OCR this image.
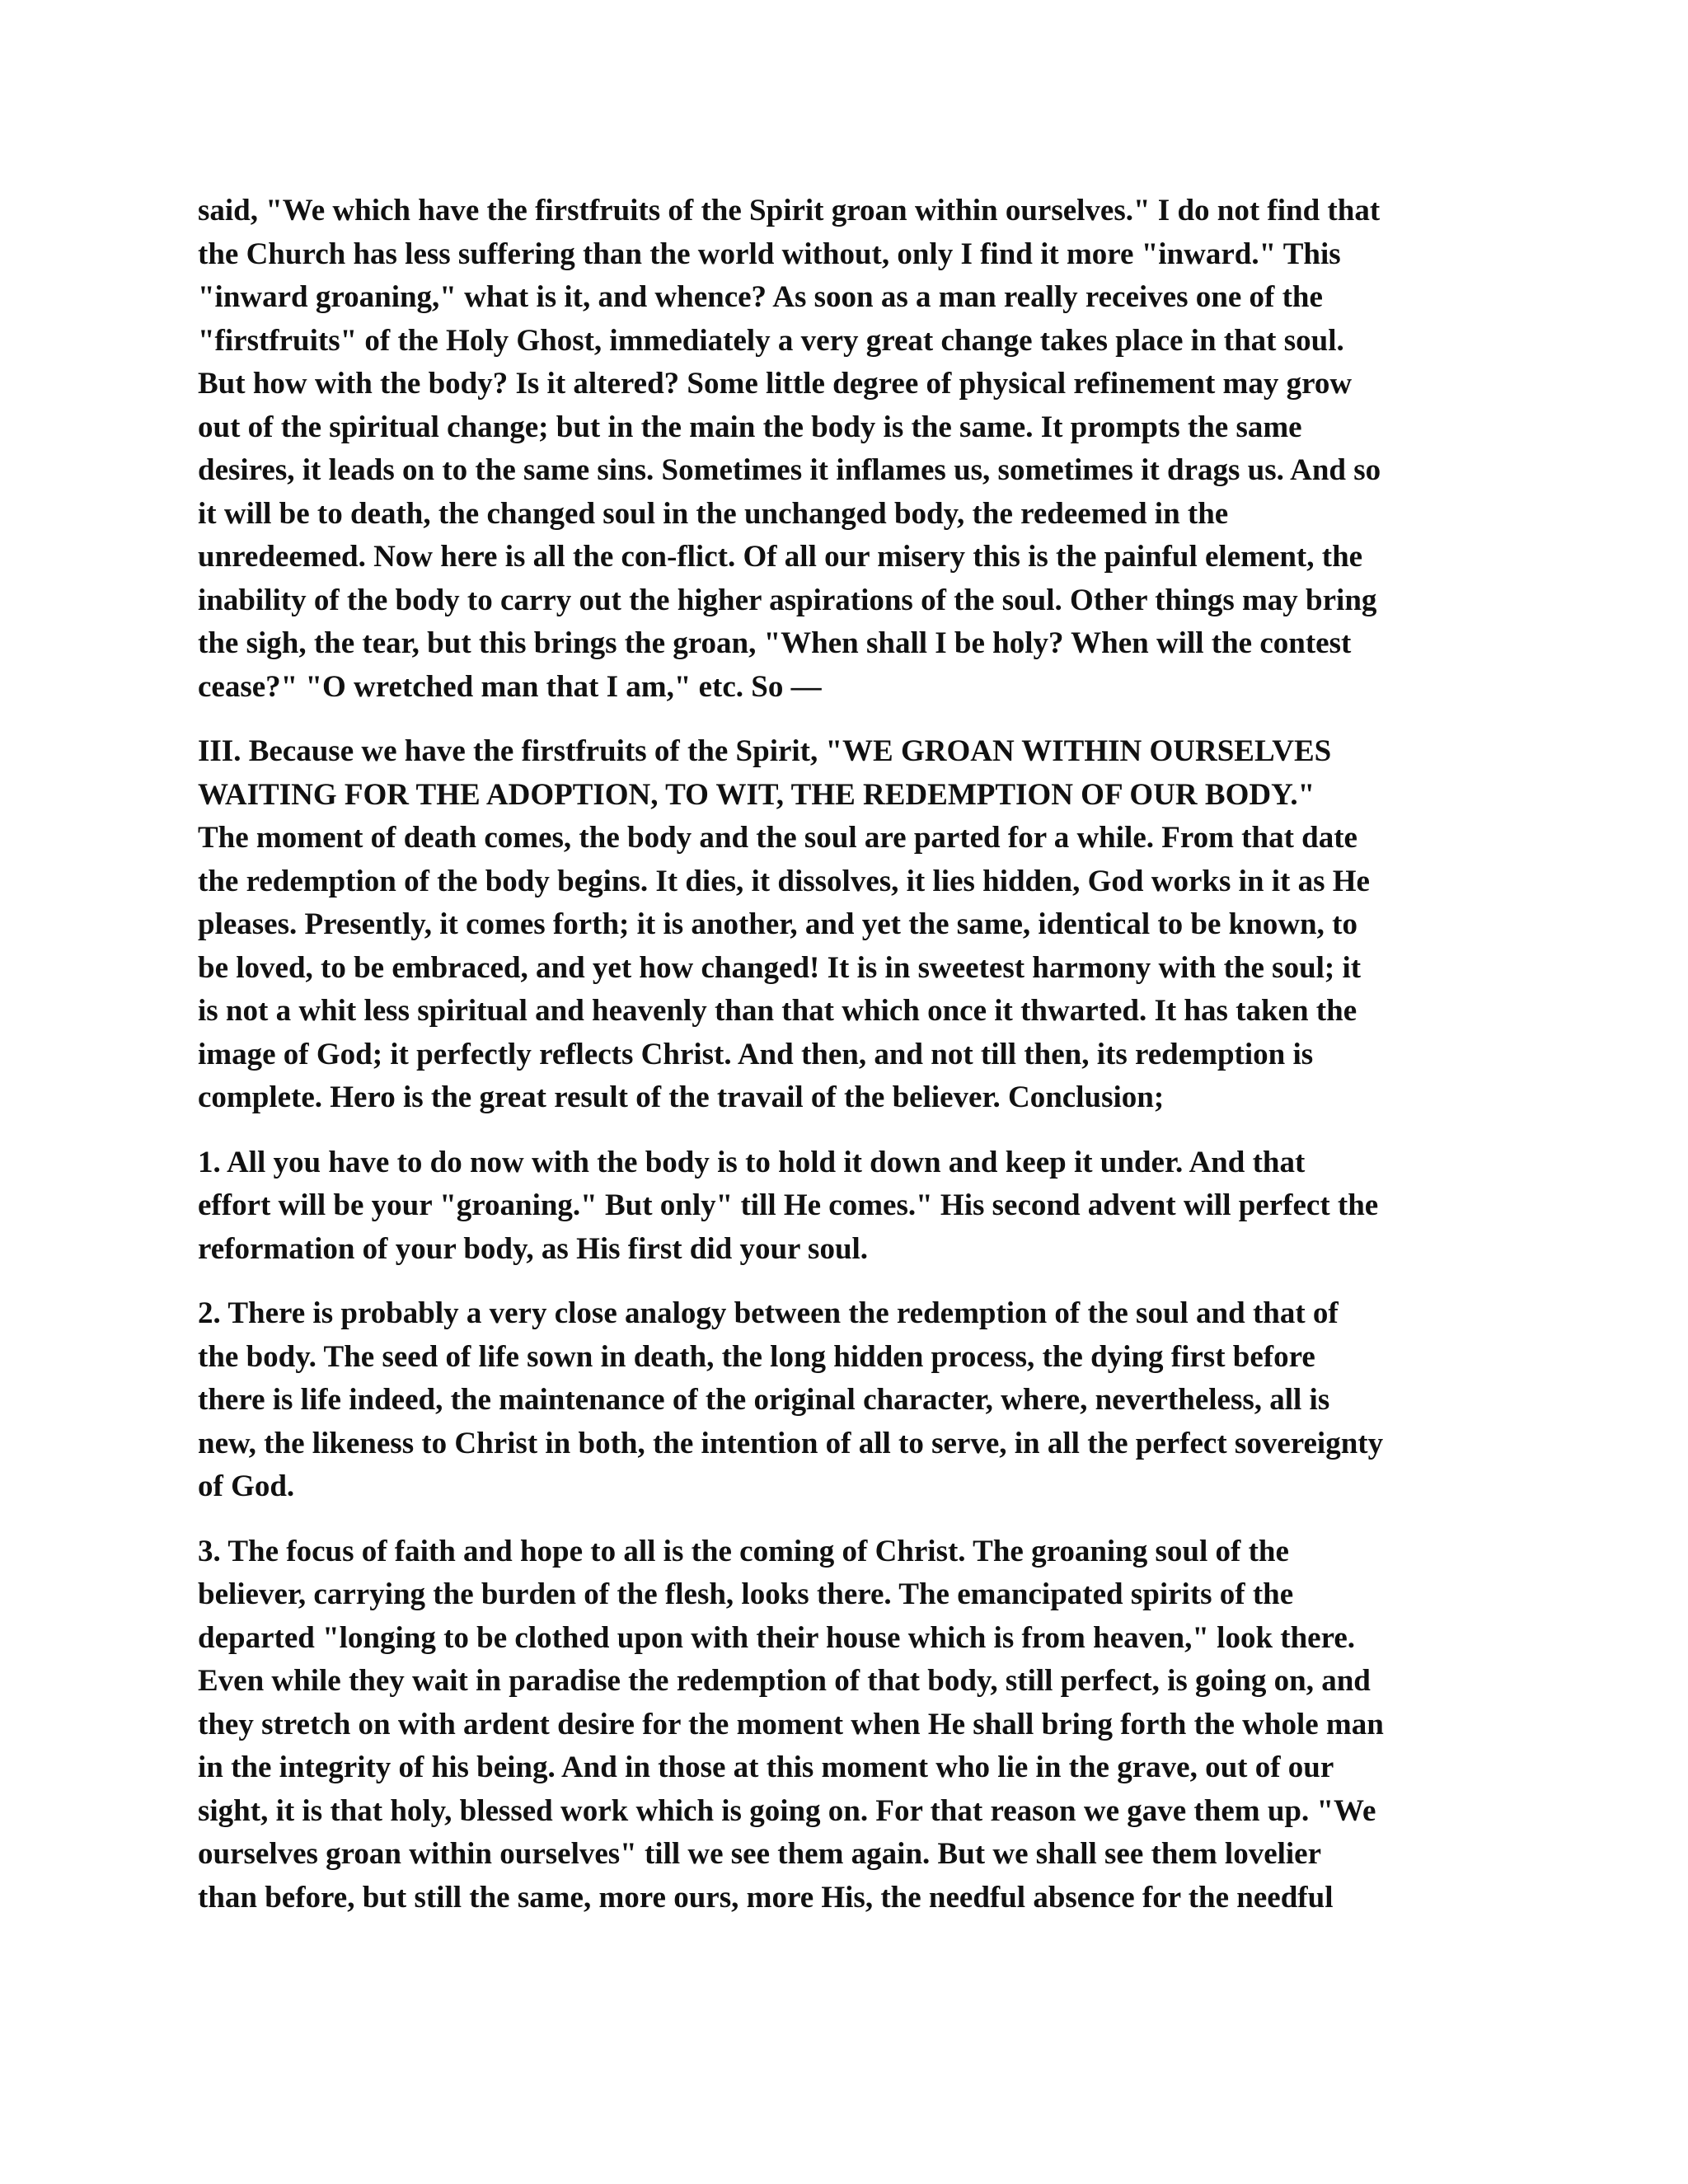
said, "We which have the firstfruits of the Spirit groan within ourselves." I do not find that
the Church has less suffering than the world without, only I find it more "inward." This
"inward groaning," what is it, and whence? As soon as a man really receives one of the
"firstfruits" of the Holy Ghost, immediately a very great change takes place in that soul.
But how with the body? Is it altered? Some little degree of physical refinement may grow
out of the spiritual change; but in the main the body is the same. It prompts the same
desires, it leads on to the same sins. Sometimes it inflames us, sometimes it drags us. And so
it will be to death, the changed soul in the unchanged body, the redeemed in the
unredeemed. Now here is all the con-flict. Of all our misery this is the painful element, the
inability of the body to carry out the higher aspirations of the soul. Other things may bring
the sigh, the tear, but this brings the groan, "When shall I be holy? When will the contest
cease?" "O wretched man that I am," etc. So —
III. Because we have the firstfruits of the Spirit, "WE GROAN WITHIN OURSELVES
WAITING FOR THE ADOPTION, TO WIT, THE REDEMPTION OF OUR BODY."
The moment of death comes, the body and the soul are parted for a while. From that date
the redemption of the body begins. It dies, it dissolves, it lies hidden, God works in it as He
pleases. Presently, it comes forth; it is another, and yet the same, identical to be known, to
be loved, to be embraced, and yet how changed! It is in sweetest harmony with the soul; it
is not a whit less spiritual and heavenly than that which once it thwarted. It has taken the
image of God; it perfectly reflects Christ. And then, and not till then, its redemption is
complete. Hero is the great result of the travail of the believer. Conclusion;
1. All you have to do now with the body is to hold it down and keep it under. And that
effort will be your "groaning." But only" till He comes." His second advent will perfect the
reformation of your body, as His first did your soul.
2. There is probably a very close analogy between the redemption of the soul and that of
the body. The seed of life sown in death, the long hidden process, the dying first before
there is life indeed, the maintenance of the original character, where, nevertheless, all is
new, the likeness to Christ in both, the intention of all to serve, in all the perfect sovereignty
of God.
3. The focus of faith and hope to all is the coming of Christ. The groaning soul of the
believer, carrying the burden of the flesh, looks there. The emancipated spirits of the
departed "longing to be clothed upon with their house which is from heaven," look there.
Even while they wait in paradise the redemption of that body, still perfect, is going on, and
they stretch on with ardent desire for the moment when He shall bring forth the whole man
in the integrity of his being. And in those at this moment who lie in the grave, out of our
sight, it is that holy, blessed work which is going on. For that reason we gave them up. "We
ourselves groan within ourselves" till we see them again. But we shall see them lovelier
than before, but still the same, more ours, more His, the needful absence for the needful
